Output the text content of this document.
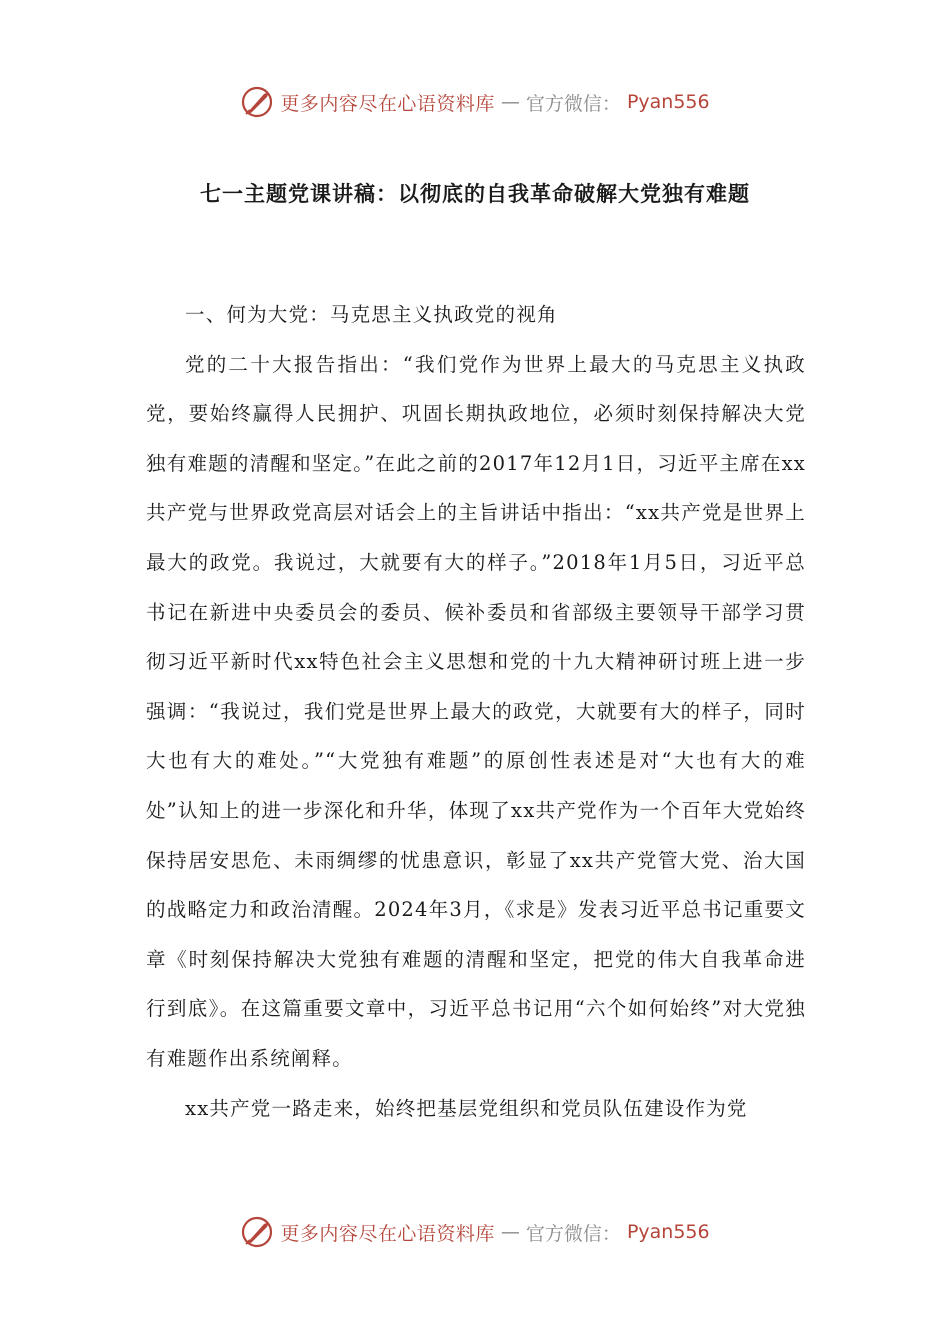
更多内容尽在心语资料库 — 官方微信： Pyan556
七一主题党课讲稿：以彻底的自我革命破解大党独有难题

一、何为大党：马克思主义执政党的视角

党的二十大报告指出：“我们党作为世界上最大的马克思主义执政党，要始终赢得人民拥护、巩固长期执政地位，必须时刻保持解决大党独有难题的清醒和坚定。”在此之前的2017年12月1日，习近平主席在xx共产党与世界政党高层对话会上的主旨讲话中指出：“xx共产党是世界上最大的政党。我说过，大就要有大的样子。”2018年1月5日，习近平总书记在新进中央委员会的委员、候补委员和省部级主要领导干部学习贯彻习近平新时代xx特色社会主义思想和党的十九大精神研讨班上进一步强调：“我说过，我们党是世界上最大的政党，大就要有大的样子，同时大也有大的难处。”“大党独有难题”的原创性表述是对“大也有大的难处”认知上的进一步深化和升华，体现了xx共产党作为一个百年大党始终保持居安思危、未雨绸缪的忧患意识，彰显了xx共产党管大党、治大国的战略定力和政治清醒。2024年3月，《求是》发表习近平总书记重要文章《时刻保持解决大党独有难题的清醒和坚定，把党的伟大自我革命进行到底》。在这篇重要文章中，习近平总书记用“六个如何始终”对大党独有难题作出系统阐释。

xx共产党一路走来，始终把基层党组织和党员队伍建设作为党

更多内容尽在心语资料库 — 官方微信： Pyan556
